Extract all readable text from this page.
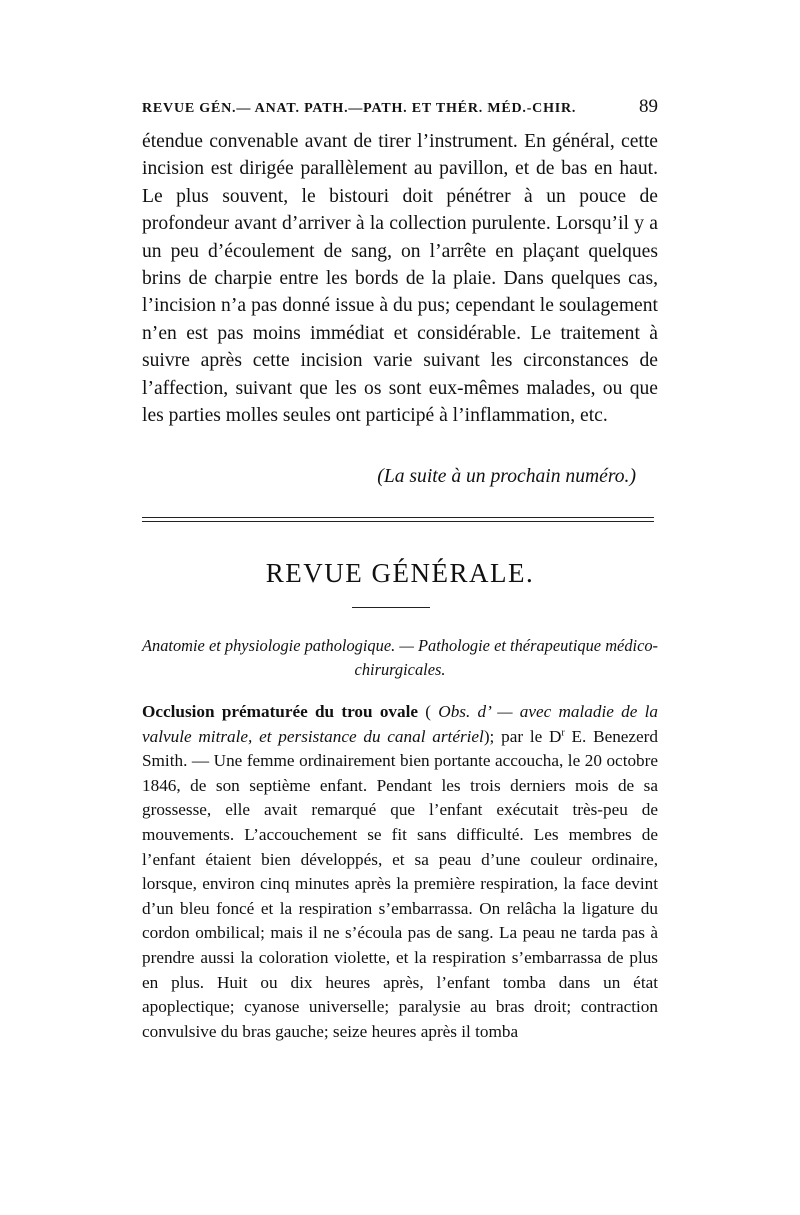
REVUE GÉN.— ANAT. PATH.—PATH. ET THÉR. MÉD.-CHIR.	89

étendue convenable avant de tirer l’instrument. En général, cette incision est dirigée parallèlement au pavillon, et de bas en haut. Le plus souvent, le bistouri doit pénétrer à un pouce de profondeur avant d’arriver à la collection purulente. Lorsqu’il y a un peu d’écoulement de sang, on l’arrête en plaçant quelques brins de charpie entre les bords de la plaie. Dans quelques cas, l’incision n’a pas donné issue à du pus; cependant le soulagement n’en est pas moins immédiat et considérable. Le traitement à suivre après cette incision varie suivant les circonstances de l’affection, suivant que les os sont eux-mêmes malades, ou que les parties molles seules ont participé à l’inflammation, etc.

(La suite à un prochain numéro.)
REVUE GÉNÉRALE.

Anatomie et physiologie pathologique. — Pathologie et thérapeutique médico-chirurgicales.

Occlusion prématurée du trou ovale ( Obs. d’ — avec maladie de la valvule mitrale, et persistance du canal artériel); par le $D^r$ E. Benezerd Smith. — Une femme ordinairement bien portante accoucha, le 20 octobre 1846, de son septième enfant. Pendant les trois derniers mois de sa grossesse, elle avait remarqué que l’enfant exécutait très-peu de mouvements. L’accouchement se fit sans difficulté. Les membres de l’enfant étaient bien développés, et sa peau d’une couleur ordinaire, lorsque, environ cinq minutes après la première respiration, la face devint d’un bleu foncé et la respiration s’embarrassa. On relâcha la ligature du cordon ombilical; mais il ne s’écoula pas de sang. La peau ne tarda pas à prendre aussi la coloration violette, et la respiration s’embarrassa de plus en plus. Huit ou dix heures après, l’enfant tomba dans un état apoplectique; cyanose universelle; paralysie au bras droit; contraction convulsive du bras gauche; seize heures après il tomba
